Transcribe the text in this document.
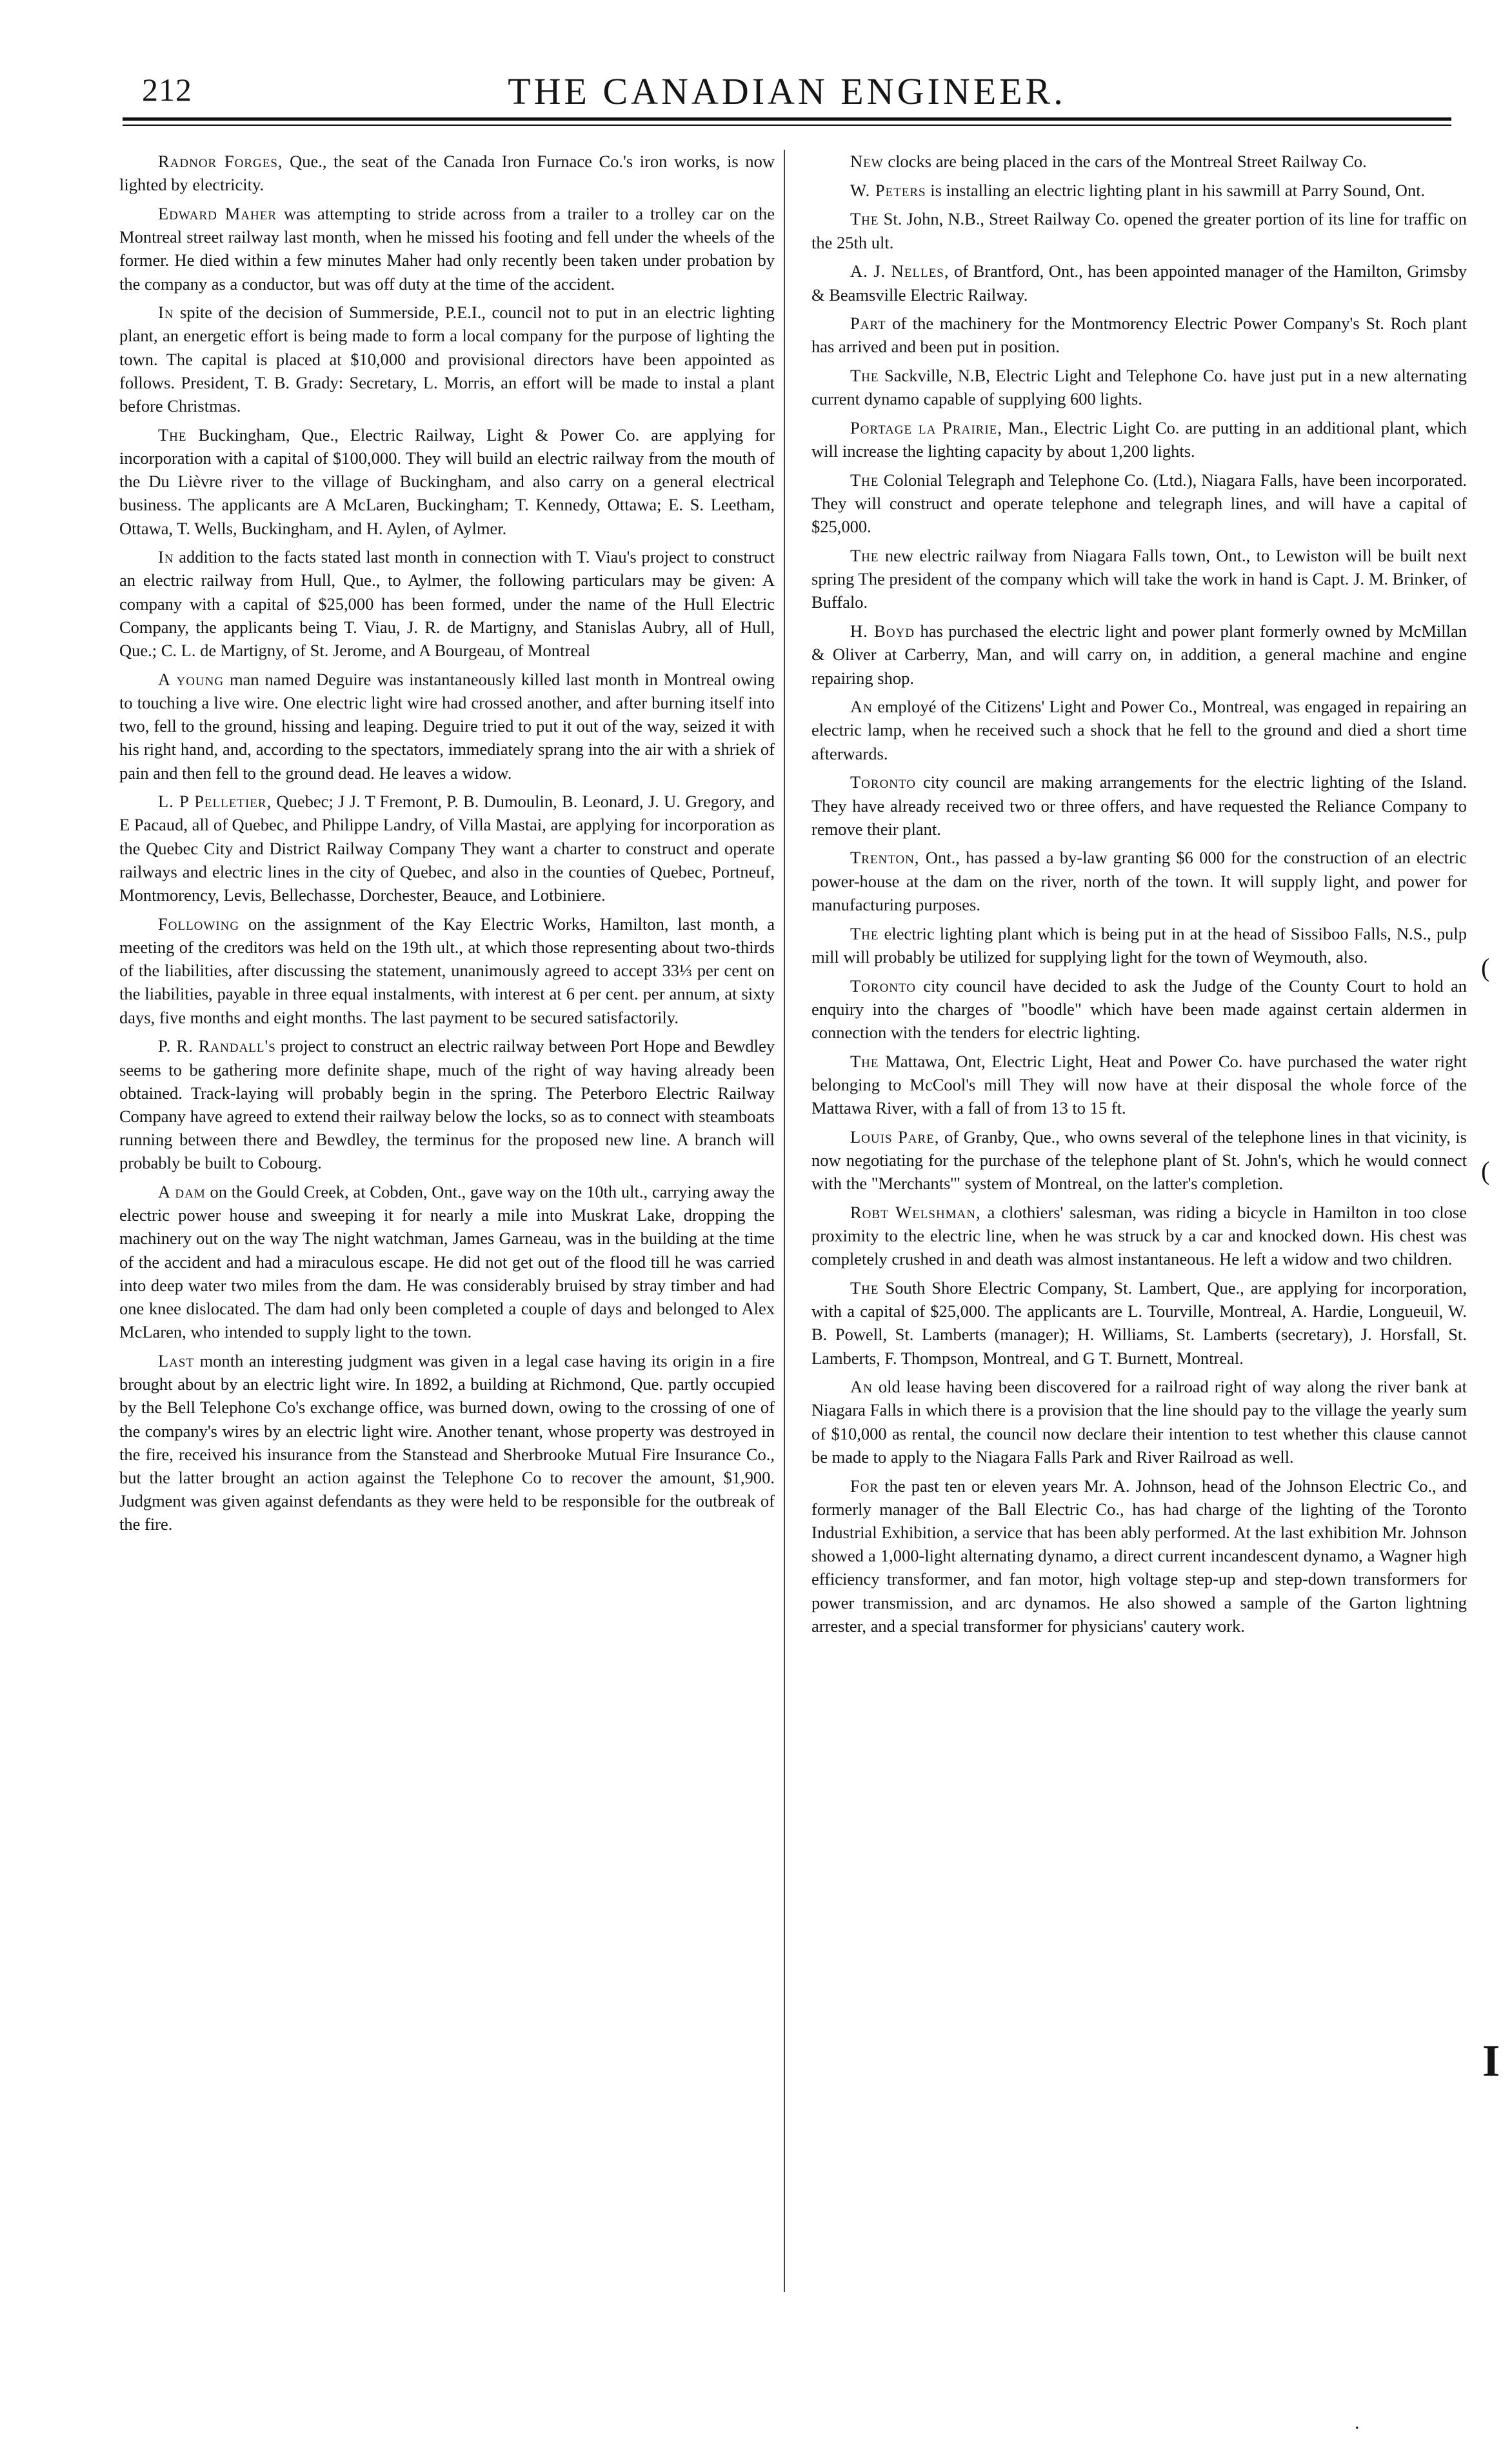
212	THE CANADIAN ENGINEER.

Radnor Forges, Que., the seat of the Canada Iron Furnace Co.'s iron works, is now lighted by electricity.

Edward Maher was attempting to stride across from a trailer to a trolley car on the Montreal street railway last month, when he missed his footing and fell under the wheels of the former. He died within a few minutes Maher had only recently been taken under probation by the company as a conductor, but was off duty at the time of the accident.

In spite of the decision of Summerside, P.E.I., council not to put in an electric lighting plant, an energetic effort is being made to form a local company for the purpose of lighting the town. The capital is placed at $10,000 and provisional directors have been appointed as follows. President, T. B. Grady: Secretary, L. Morris, an effort will be made to instal a plant before Christmas.

The Buckingham, Que., Electric Railway, Light & Power Co. are applying for incorporation with a capital of $100,000. They will build an electric railway from the mouth of the Du Lièvre river to the village of Buckingham, and also carry on a general electrical business. The applicants are A McLaren, Buckingham; T. Kennedy, Ottawa; E. S. Leetham, Ottawa, T. Wells, Buckingham, and H. Aylen, of Aylmer.

In addition to the facts stated last month in connection with T. Viau's project to construct an electric railway from Hull, Que., to Aylmer, the following particulars may be given: A company with a capital of $25,000 has been formed, under the name of the Hull Electric Company, the applicants being T. Viau, J. R. de Martigny, and Stanislas Aubry, all of Hull, Que.; C. L. de Martigny, of St. Jerome, and A Bourgeau, of Montreal

A young man named Deguire was instantaneously killed last month in Montreal owing to touching a live wire. One electric light wire had crossed another, and after burning itself into two, fell to the ground, hissing and leaping. Deguire tried to put it out of the way, seized it with his right hand, and, according to the spectators, immediately sprang into the air with a shriek of pain and then fell to the ground dead. He leaves a widow.

L. P Pelletier, Quebec; J J. T Fremont, P. B. Dumoulin, B. Leonard, J. U. Gregory, and E Pacaud, all of Quebec, and Philippe Landry, of Villa Mastai, are applying for incorporation as the Quebec City and District Railway Company They want a charter to construct and operate railways and electric lines in the city of Quebec, and also in the counties of Quebec, Portneuf, Montmorency, Levis, Bellechasse, Dorchester, Beauce, and Lotbiniere.

Following on the assignment of the Kay Electric Works, Hamilton, last month, a meeting of the creditors was held on the 19th ult., at which those representing about two-thirds of the liabilities, after discussing the statement, unanimously agreed to accept 33⅓ per cent on the liabilities, payable in three equal instalments, with interest at 6 per cent. per annum, at sixty days, five months and eight months. The last payment to be secured satisfactorily.

P. R. Randall's project to construct an electric railway between Port Hope and Bewdley seems to be gathering more definite shape, much of the right of way having already been obtained. Track-laying will probably begin in the spring. The Peterboro Electric Railway Company have agreed to extend their railway below the locks, so as to connect with steamboats running between there and Bewdley, the terminus for the proposed new line. A branch will probably be built to Cobourg.

A dam on the Gould Creek, at Cobden, Ont., gave way on the 10th ult., carrying away the electric power house and sweeping it for nearly a mile into Muskrat Lake, dropping the machinery out on the way The night watchman, James Garneau, was in the building at the time of the accident and had a miraculous escape. He did not get out of the flood till he was carried into deep water two miles from the dam. He was considerably bruised by stray timber and had one knee dislocated. The dam had only been completed a couple of days and belonged to Alex McLaren, who intended to supply light to the town.

Last month an interesting judgment was given in a legal case having its origin in a fire brought about by an electric light wire. In 1892, a building at Richmond, Que. partly occupied by the Bell Telephone Co's exchange office, was burned down, owing to the crossing of one of the company's wires by an electric light wire. Another tenant, whose property was destroyed in the fire, received his insurance from the Stanstead and Sherbrooke Mutual Fire Insurance Co., but the latter brought an action against the Telephone Co to recover the amount, $1,900. Judgment was given against defendants as they were held to be responsible for the outbreak of the fire.

New clocks are being placed in the cars of the Montreal Street Railway Co.

W. Peters is installing an electric lighting plant in his sawmill at Parry Sound, Ont.

The St. John, N.B., Street Railway Co. opened the greater portion of its line for traffic on the 25th ult.

A. J. Nelles, of Brantford, Ont., has been appointed manager of the Hamilton, Grimsby & Beamsville Electric Railway.

Part of the machinery for the Montmorency Electric Power Company's St. Roch plant has arrived and been put in position.

The Sackville, N.B, Electric Light and Telephone Co. have just put in a new alternating current dynamo capable of supplying 600 lights.

Portage la Prairie, Man., Electric Light Co. are putting in an additional plant, which will increase the lighting capacity by about 1,200 lights.

The Colonial Telegraph and Telephone Co. (Ltd.), Niagara Falls, have been incorporated. They will construct and operate telephone and telegraph lines, and will have a capital of $25,000.

The new electric railway from Niagara Falls town, Ont., to Lewiston will be built next spring The president of the company which will take the work in hand is Capt. J. M. Brinker, of Buffalo.

H. Boyd has purchased the electric light and power plant formerly owned by McMillan & Oliver at Carberry, Man, and will carry on, in addition, a general machine and engine repairing shop.

An employé of the Citizens' Light and Power Co., Montreal, was engaged in repairing an electric lamp, when he received such a shock that he fell to the ground and died a short time afterwards.

Toronto city council are making arrangements for the electric lighting of the Island. They have already received two or three offers, and have requested the Reliance Company to remove their plant.

Trenton, Ont., has passed a by-law granting $6 000 for the construction of an electric power-house at the dam on the river, north of the town. It will supply light, and power for manufacturing purposes.

The electric lighting plant which is being put in at the head of Sissiboo Falls, N.S., pulp mill will probably be utilized for supplying light for the town of Weymouth, also.

Toronto city council have decided to ask the Judge of the County Court to hold an enquiry into the charges of "boodle" which have been made against certain aldermen in connection with the tenders for electric lighting.

The Mattawa, Ont, Electric Light, Heat and Power Co. have purchased the water right belonging to McCool's mill They will now have at their disposal the whole force of the Mattawa River, with a fall of from 13 to 15 ft.

Louis Pare, of Granby, Que., who owns several of the telephone lines in that vicinity, is now negotiating for the purchase of the telephone plant of St. John's, which he would connect with the "Merchants'" system of Montreal, on the latter's completion.

Robt Welshman, a clothiers' salesman, was riding a bicycle in Hamilton in too close proximity to the electric line, when he was struck by a car and knocked down. His chest was completely crushed in and death was almost instantaneous. He left a widow and two children.

The South Shore Electric Company, St. Lambert, Que., are applying for incorporation, with a capital of $25,000. The applicants are L. Tourville, Montreal, A. Hardie, Longueuil, W. B. Powell, St. Lamberts (manager); H. Williams, St. Lamberts (secretary), J. Horsfall, St. Lamberts, F. Thompson, Montreal, and G T. Burnett, Montreal.

An old lease having been discovered for a railroad right of way along the river bank at Niagara Falls in which there is a provision that the line should pay to the village the yearly sum of $10,000 as rental, the council now declare their intention to test whether this clause cannot be made to apply to the Niagara Falls Park and River Railroad as well.

For the past ten or eleven years Mr. A. Johnson, head of the Johnson Electric Co., and formerly manager of the Ball Electric Co., has had charge of the lighting of the Toronto Industrial Exhibition, a service that has been ably performed. At the last exhibition Mr. Johnson showed a 1,000-light alternating dynamo, a direct current incandescent dynamo, a Wagner high efficiency transformer, and fan motor, high voltage step-up and step-down transformers for power transmission, and arc dynamos. He also showed a sample of the Garton lightning arrester, and a special transformer for physicians' cautery work.

(
(
I
.
